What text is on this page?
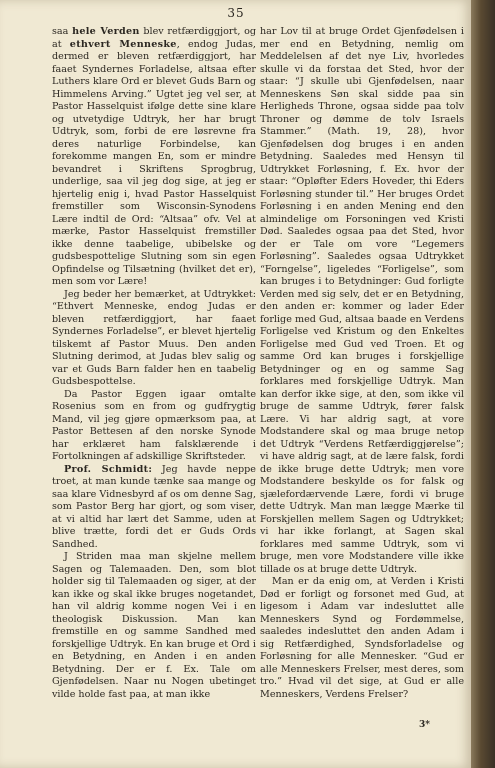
35

saa hele Verden blev retfærdiggjort, og at ethvert Menneske, endog Judas, dermed er bleven retfærdiggjort, har faaet Syndernes Forladelse, altsaa efter Luthers klare Ord er blevet Guds Barn og Himmelens Arving.” Ugtet jeg vel ser, at Pastor Hasselquist ifølge dette sine klare og utvetydige Udtryk, her har brugt Udtryk, som, forbi de ere løsrevne fra deres naturlige Forbindelse, kan forekomme mangen En, som er mindre bevandret i Skriftens Sprogbrug, underlige, saa vil jeg dog sige, at jeg er hjertelig enig i, hvad Pastor Hasselquist fremstiller som Wisconsin-Synodens Lære indtil de Ord: “Altsaa” ofv. Vel at mærke, Pastor Hasselquist fremstiller ikke denne taabelige, ubibelske og gudsbespottelige Slutning som sin egen Opfindelse og Tilsætning (hvilket det er), men som vor Lære!

Jeg beder her bemærket, at Udtrykket: “Ethvert Menneske, endog Judas er bleven retfærdiggjort, har faaet Syndernes Forladelse”, er blevet hjertelig tilskemt af Pastor Muus. Den anden Slutning derimod, at Judas blev salig og var et Guds Barn falder hen en taabelig Gudsbespottelse.

Da Pastor Eggen igaar omtalte Rosenius som en from og gudfrygtig Mand, vil jeg gjøre opmærksom paa, at Pastor Bettesen af den norske Synode har erklæret ham falsklærende i Fortolkningen af adskillige Skriftsteder.

Prof. Schmidt: Jeg havde neppe troet, at man kunde tænke saa mange og saa klare Vidnesbyrd af os om denne Sag, som Pastor Berg har gjort, og som viser, at vi altid har lært det Samme, uden at blive trætte, fordi det er Guds Ords Sandhed.

J Striden maa man skjelne mellem Sagen og Talemaaden. Den, som blot holder sig til Talemaaden og siger, at der kan ikke og skal ikke bruges nogetandet, han vil aldrig komme nogen Vei i en theologisk Diskussion. Man kan fremstille en og samme Sandhed med forskjellige Udtryk. En kan bruge et Ord i en Betydning, en Anden i en anden Betydning. Der er f. Ex. Tale om Gjenfødelsen. Naar nu Nogen ubetinget vilde holde fast paa, at man ikke

har Lov til at bruge Ordet Gjenfødelsen i mer end en Betydning, nemlig om Meddelelsen af det nye Liv, hvorledes skulle vi da forstaa det Sted, hvor der staar: “J skulle ubi Gjenfødelsen, naar Menneskens Søn skal sidde paa sin Herligheds Throne, ogsaa sidde paa tolv Throner og dømme de tolv Israels Stammer.” (Math. 19, 28), hvor Gjenfødelsen dog bruges i en anden Betydning. Saaledes med Hensyn til Udtrykket Forløsning, f. Ex. hvor der staar: “Opløfter Eders Hoveder, thi Eders Forløsning stunder til.” Her bruges Ordet Forløsning i en anden Mening end den almindelige om Forsoningen ved Kristi Død. Saaledes ogsaa paa det Sted, hvor der er Tale om vore “Legemers Forløsning”. Saaledes ogsaa Udtrykket “Forngelse”, ligeledes “Forligelse”, som kan bruges i to Betydninger: Gud forligte Verden med sig selv, det er en Betydning, den anden er: kommer og lader Eder forlige med Gud, altsaa baade en Verdens Forligelse ved Kristum og den Enkeltes Forligelse med Gud ved Troen. Et og samme Ord kan bruges i forskjellige Betydninger og en og samme Sag forklares med forskjellige Udtryk. Man kan derfor ikke sige, at den, som ikke vil bruge de samme Udtryk, fører falsk Lære. Vi har aldrig sagt, at vore Modstandere skal og maa bruge netop det Udtryk “Verdens Retfærdiggjørelse”; vi have aldrig sagt, at de lære falsk, fordi de ikke bruge dette Udtryk; men vore Modstandere beskylde os for falsk og sjælefordærvende Lære, fordi vi bruge dette Udtryk. Man man lægge Mærke til Forskjellen mellem Sagen og Udtrykket; vi har ikke forlangt, at Sagen skal forklares med samme Udtryk, som vi bruge, men vore Modstandere ville ikke tillade os at bruge dette Udtryk.

Man er da enig om, at Verden i Kristi Død er forligt og forsonet med Gud, at ligesom i Adam var indesluttet alle Menneskers Synd og Fordømmelse, saaledes indesluttet den anden Adam i sig Retfærdighed, Syndsforladelse og Forløsning for alle Mennesker. “Gud er alle Menneskers Frelser, mest deres, som tro.” Hvad vil det sige, at Gud er alle Menneskers, Verdens Frelser?

3*
